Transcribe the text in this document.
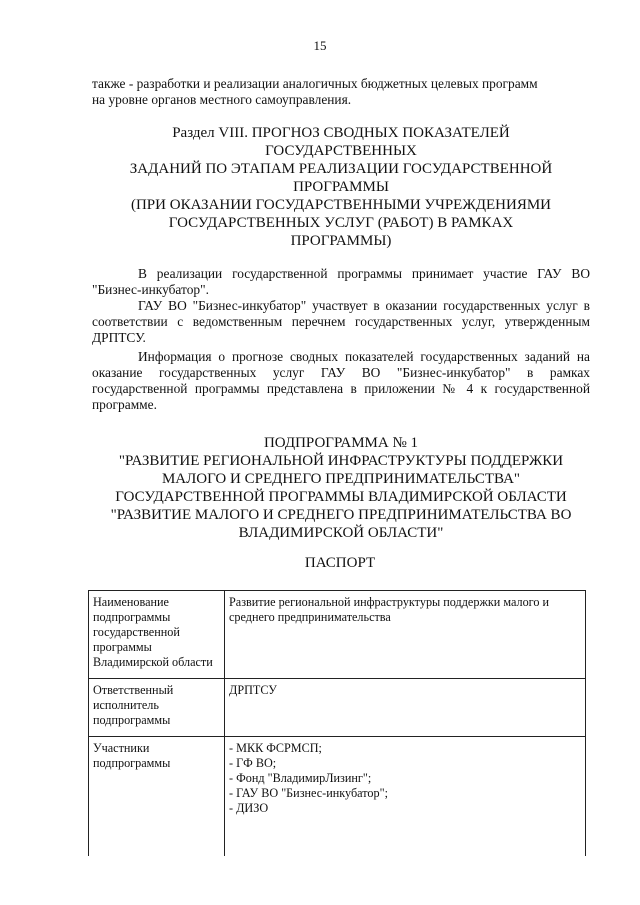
15

также - разработки и реализации аналогичных бюджетных целевых программ
на уровне органов местного самоуправления.

Раздел VIII. ПРОГНОЗ СВОДНЫХ ПОКАЗАТЕЛЕЙ
ГОСУДАРСТВЕННЫХ
ЗАДАНИЙ ПО ЭТАПАМ РЕАЛИЗАЦИИ ГОСУДАРСТВЕННОЙ
ПРОГРАММЫ
(ПРИ ОКАЗАНИИ ГОСУДАРСТВЕННЫМИ УЧРЕЖДЕНИЯМИ
ГОСУДАРСТВЕННЫХ УСЛУГ (РАБОТ) В РАМКАХ
ПРОГРАММЫ)

В реализации государственной программы принимает участие ГАУ ВО "Бизнес-инкубатор".

ГАУ ВО "Бизнес-инкубатор" участвует в оказании государственных услуг в соответствии с ведомственным перечнем государственных услуг, утвержденным ДРПТСУ.

Информация о прогнозе сводных показателей государственных заданий на оказание государственных услуг ГАУ ВО "Бизнес-инкубатор" в рамках государственной программы представлена в приложении № 4 к государственной программе.

ПОДПРОГРАММА № 1
"РАЗВИТИЕ РЕГИОНАЛЬНОЙ ИНФРАСТРУКТУРЫ ПОДДЕРЖКИ
МАЛОГО И СРЕДНЕГО ПРЕДПРИНИМАТЕЛЬСТВА"
ГОСУДАРСТВЕННОЙ ПРОГРАММЫ ВЛАДИМИРСКОЙ ОБЛАСТИ
"РАЗВИТИЕ МАЛОГО И СРЕДНЕГО ПРЕДПРИНИМАТЕЛЬСТВА ВО
ВЛАДИМИРСКОЙ ОБЛАСТИ"
ПАСПОРТ
Наименование
подпрограммы
государственной
программы
Владимирской области	Развитие региональной инфраструктуры поддержки малого и
среднего предпринимательства

Ответственный
исполнитель
подпрограммы	ДРПТСУ

Участники
подпрограммы	- МКК ФСРМСП;
- ГФ ВО;
- Фонд "ВладимирЛизинг";
- ГАУ ВО "Бизнес-инкубатор";
- ДИЗО
